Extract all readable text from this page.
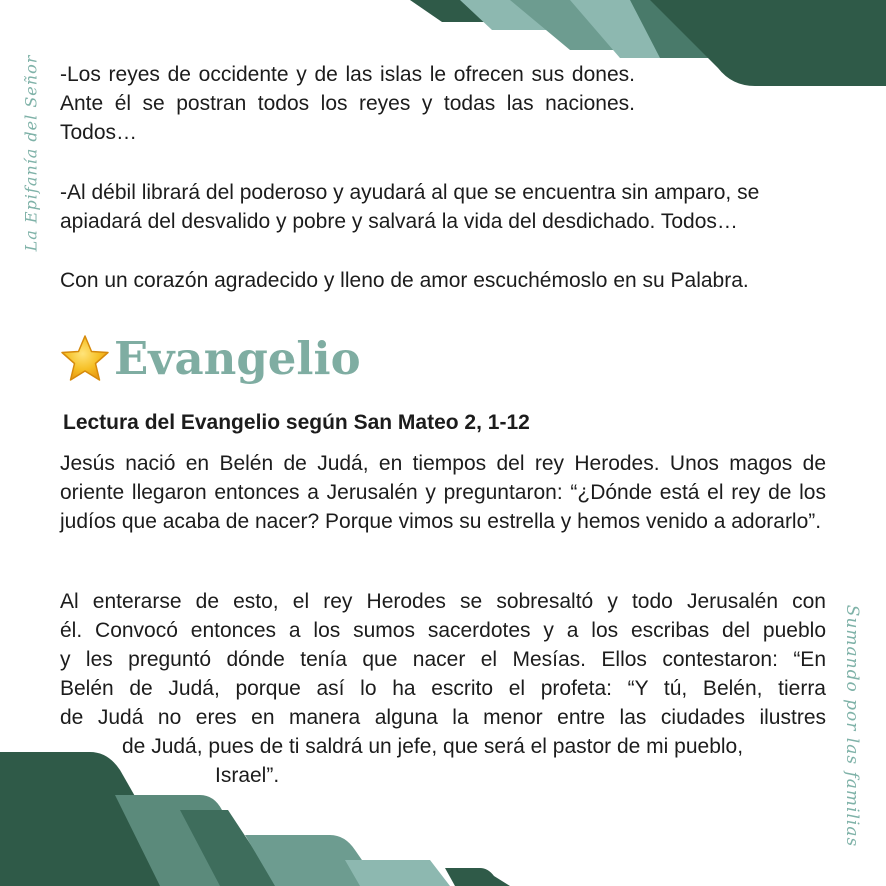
La Epifanía del Señor
Sumando por las familias

-Los reyes de occidente y de las islas le ofrecen sus dones. Ante él se postran todos los reyes y todas las naciones. Todos…

-Al débil librará del poderoso y ayudará al que se encuentra sin amparo, se apiadará del desvalido y pobre y salvará la vida del desdichado. Todos…

Con un corazón agradecido y lleno de amor escuchémoslo en su Palabra.

Evangelio

Lectura del Evangelio según San Mateo 2, 1-12

Jesús nació en Belén de Judá, en tiempos del rey Herodes. Unos magos de oriente llegaron entonces a Jerusalén y preguntaron: “¿Dónde está el rey de los judíos que acaba de nacer? Porque vimos su estrella y hemos venido a adorarlo”.

Al enterarse de esto, el rey Herodes se sobresaltó y todo Jerusalén con
él. Convocó entonces a los sumos sacerdotes y a los escribas del pueblo
y les preguntó dónde tenía que nacer el Mesías. Ellos contestaron: “En
Belén de Judá, porque así lo ha escrito el profeta: “Y tú, Belén, tierra
de Judá no eres en manera alguna la menor entre las ciudades ilustres
de Judá, pues de ti saldrá un jefe, que será el pastor de mi pueblo,
Israel”.
